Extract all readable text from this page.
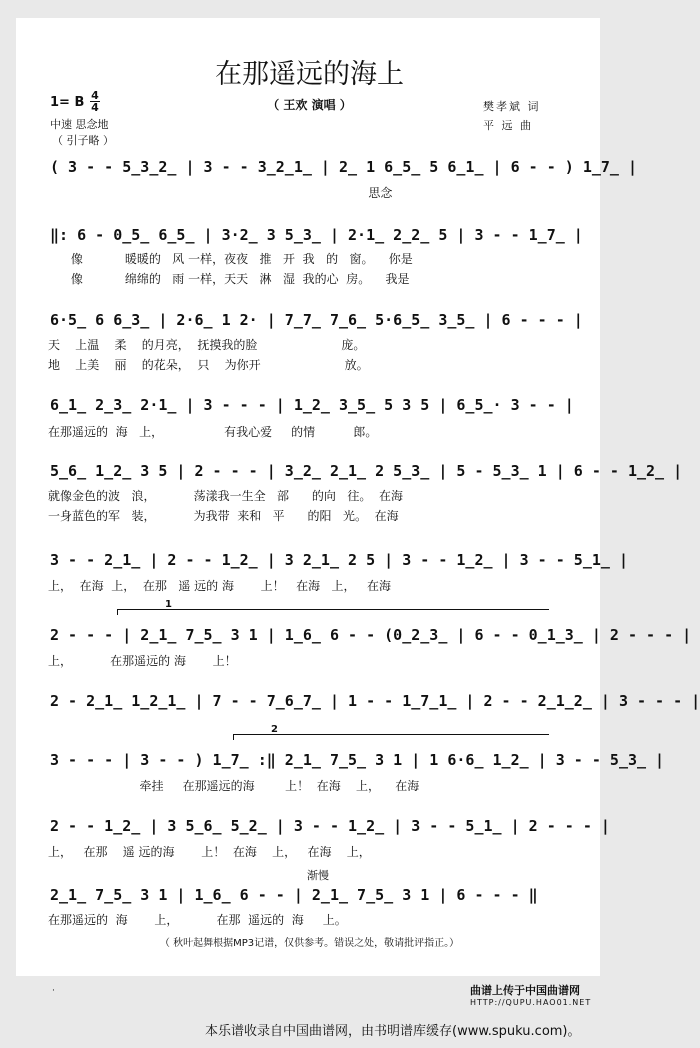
在那遥远的海上
（ 王欢 演唱 ）
1= B 4
4
中速 思念地
（ 引子略 ）
樊孝斌 词
平 远 曲
( 3 - - 5̲3̲2̲ | 3 - - 3̲2̲1̲ | 2̲ 1 6̲5̲ 5 6̲1̲ | 6 - - ) 1̲7̲ |
思念
‖: 6 - 0̲5̲ 6̲5̲ | 3·2̲ 3 5̲3̲ | 2·1̲ 2̲2̲ 5 | 3 - - 1̲7̲ |
像           暖暖的   风 一样，夜夜   推   开  我   的   窗。    你是
像           绵绵的   雨 一样，天天   淋   湿  我的心  房。    我是
6·5̲ 6 6̲3̲ | 2·6̲ 1 2· | 7̲7̲ 7̲6̲ 5·6̲5̲ 3̲5̲ | 6 - - - |
天    上温    柔    的月亮，  抚摸我的脸                      庞。
地    上美    丽    的花朵，  只    为你开                      放。
6̲1̲ 2̲3̲ 2·1̲ | 3 - - - | 1̲2̲ 3̲5̲ 5 3 5 | 6̲5̲· 3 - - |
在那遥远的  海   上，                有我心爱     的情          郎。
5̲6̲ 1̲2̲ 3 5 | 2 - - - | 3̲2̲ 2̲1̲ 2 5̲3̲ | 5 - 5̲3̲ 1 | 6 - - 1̲2̲ |
就像金色的波   浪，          荡漾我一生全   部      的向   往。  在海
一身蓝色的军   装，          为我带  来和   平      的阳   光。  在海
3 - - 2̲1̲ | 2 - - 1̲2̲ | 3 2̲1̲ 2 5 | 3 - - 1̲2̲ | 3 - - 5̲1̲ |
上，  在海  上，  在那   遥 远的 海       上！   在海   上，   在海
1
2 - - - | 2̲1̲ 7̲5̲ 3 1 | 1̲6̲ 6 - - (0̲2̲3̲ | 6 - - 0̲1̲3̲ | 2 - - - |
上，          在那遥远的 海       上！
2 - 2̲1̲ 1̲2̲1̲ | 7 - - 7̲6̲7̲ | 1 - - 1̲7̲1̲ | 2 - - 2̲1̲2̲ | 3 - - - |
2
3 - - - | 3 - - ) 1̲7̲ :‖ 2̲1̲ 7̲5̲ 3 1 | 1 6·6̲ 1̲2̲ | 3 - - 5̲3̲ |
牵挂     在那遥远的海        上！  在海    上，    在海
2 - - 1̲2̲ | 3 5̲6̲ 5̲2̲ | 3 - - 1̲2̲ | 3 - - 5̲1̲ | 2 - - - |
上，   在那    遥 远的海       上！  在海    上，   在海    上，
渐慢
2̲1̲ 7̲5̲ 3 1 | 1̲6̲ 6 - - | 2̲1̲ 7̲5̲ 3 1 | 6 - - - ‖
在那遥远的  海       上，          在那  遥远的  海     上。
（ 秋叶起舞根据MP3记谱，仅供参考。错误之处，敬请批评指正。）
·	曲谱上传于中国曲谱网
HTTP://QUPU.HAO01.NET
本乐谱收录自中国曲谱网，由书明谱库缓存(www.spuku.com)。
